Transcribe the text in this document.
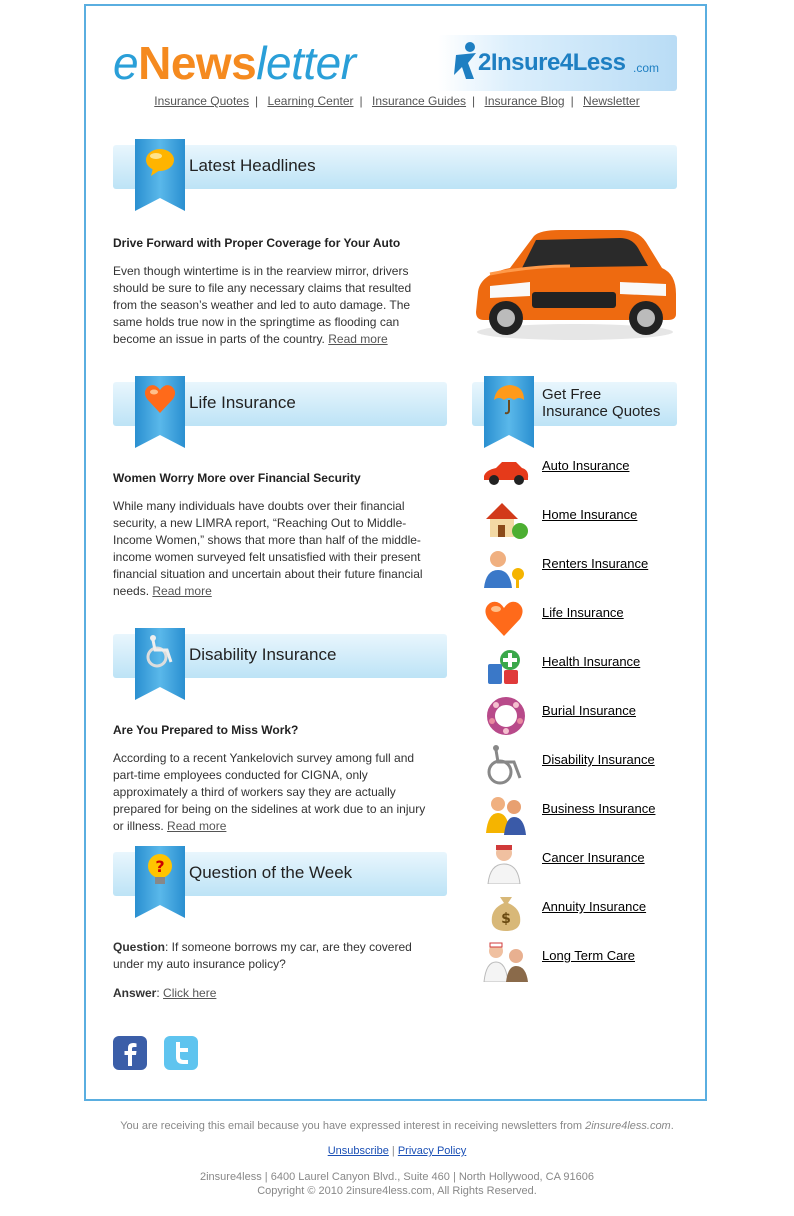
eNewsletter	2Insure4Less .com
Insurance Quotes | Learning Center | Insurance Guides | Insurance Blog | Newsletter
Latest Headlines
Drive Forward with Proper Coverage for Your Auto
Even though wintertime is in the rearview mirror, drivers should be sure to file any necessary claims that resulted from the season’s weather and led to auto damage. The same holds true now in the springtime as flooding can become an issue in parts of the country. Read more
Life Insurance
Women Worry More over Financial Security
While many individuals have doubts over their financial security, a new LIMRA report, “Reaching Out to Middle-Income Women,” shows that more than half of the middle-income women surveyed felt unsatisfied with their present financial situation and uncertain about their future financial needs. Read more
Disability Insurance
Are You Prepared to Miss Work?
According to a recent Yankelovich survey among full and part-time employees conducted for CIGNA, only approximately a third of workers say they are actually prepared for being on the sidelines at work due to an injury or illness. Read more
? Question of the Week
Question: If someone borrows my car, are they covered under my auto insurance policy?
Answer: Click here
Get Free
Insurance Quotes
Auto Insurance
Home Insurance
Renters Insurance
Life Insurance
Health Insurance
Burial Insurance
Disability Insurance
Business Insurance
Cancer Insurance
$
Annuity Insurance
Long Term Care
You are receiving this email because you have expressed interest in receiving newsletters from 2insure4less.com.
Unsubscribe | Privacy Policy
2insure4less | 6400 Laurel Canyon Blvd., Suite 460 | North Hollywood, CA 91606
Copyright © 2010 2insure4less.com, All Rights Reserved.
